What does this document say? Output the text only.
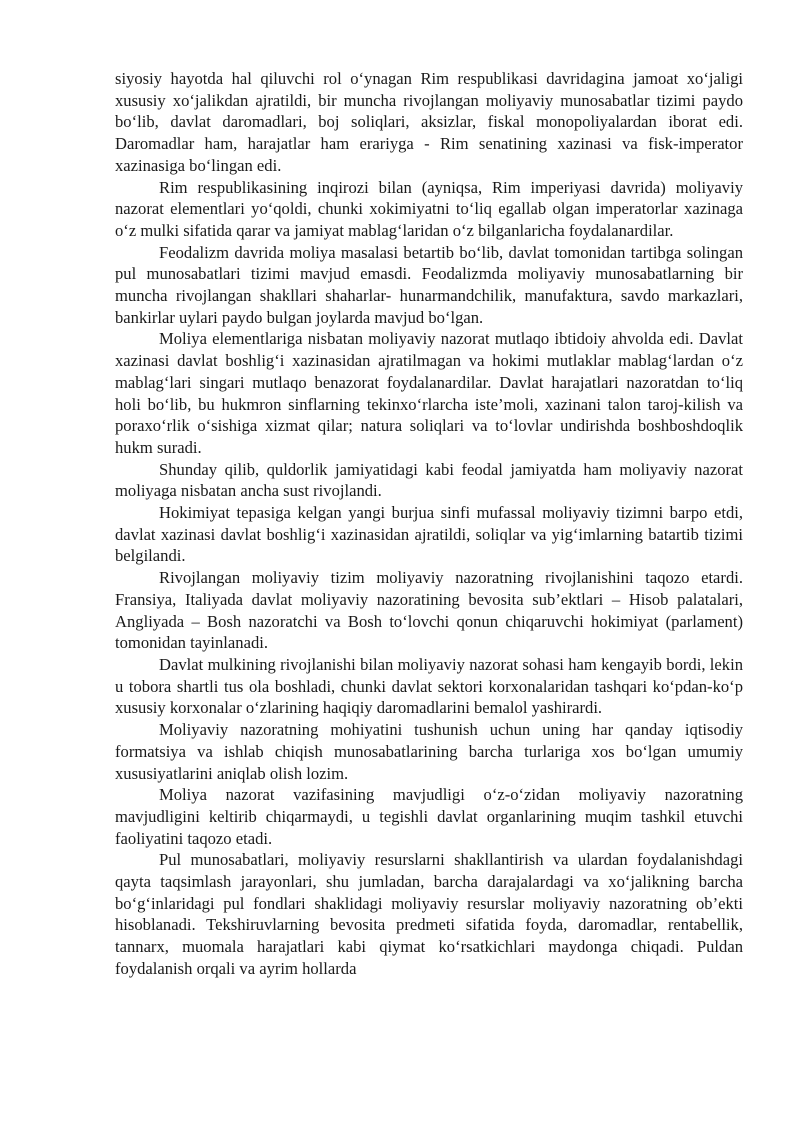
siyosiy hayotda hal qiluvchi rol o‘ynagan Rim respublikasi davridagina jamoat xo‘jaligi xususiy xo‘jalikdan ajratildi, bir muncha rivojlangan moliyaviy munosabatlar tizimi paydo bo‘lib, davlat daromadlari, boj soliqlari, aksizlar, fiskal monopoliyalardan iborat edi. Daromadlar ham, harajatlar ham erariyga - Rim senatining xazinasi va fisk-imperator xazinasiga bo‘lingan edi.

Rim respublikasining inqirozi bilan (ayniqsa, Rim imperiyasi davrida) moliyaviy nazorat elementlari yo‘qoldi, chunki xokimiyatni to‘liq egallab olgan imperatorlar xazinaga o‘z mulki sifatida qarar va jamiyat mablag‘laridan o‘z bilganlaricha foydalanardilar.

Feodalizm davrida moliya masalasi betartib bo‘lib, davlat tomonidan tartibga solingan pul munosabatlari tizimi mavjud emasdi. Feodalizmda moliyaviy munosabatlarning bir muncha rivojlangan shakllari shaharlar- hunarmandchilik, manufaktura, savdo markazlari, bankirlar uylari paydo bulgan joylarda mavjud bo‘lgan.

Moliya elementlariga nisbatan moliyaviy nazorat mutlaqo ibtidoiy ahvolda edi. Davlat xazinasi davlat boshlig‘i xazinasidan ajratilmagan va hokimi mutlaklar mablag‘lardan o‘z mablag‘lari singari mutlaqo benazorat foydalanardilar. Davlat harajatlari nazoratdan to‘liq holi bo‘lib, bu hukmron sinflarning tekinxo‘rlarcha iste’moli, xazinani talon taroj-kilish va poraxo‘rlik o‘sishiga xizmat qilar; natura soliqlari va to‘lovlar undirishda boshboshdoqlik hukm suradi.

Shunday qilib, quldorlik jamiyatidagi kabi feodal jamiyatda ham moliyaviy nazorat moliyaga nisbatan ancha sust rivojlandi.

Hokimiyat tepasiga kelgan yangi burjua sinfi mufassal moliyaviy tizimni barpo etdi, davlat xazinasi davlat boshlig‘i xazinasidan ajratildi, soliqlar va yig‘imlarning batartib tizimi belgilandi.

Rivojlangan moliyaviy tizim moliyaviy nazoratning rivojlanishini taqozo etardi. Fransiya, Italiyada davlat moliyaviy nazoratining bevosita sub’ektlari – Hisob palatalari, Angliyada – Bosh nazoratchi va Bosh to‘lovchi qonun chiqaruvchi hokimiyat (parlament) tomonidan tayinlanadi.

Davlat mulkining rivojlanishi bilan moliyaviy nazorat sohasi ham kengayib bordi, lekin u tobora shartli tus ola boshladi, chunki davlat sektori korxonalaridan tashqari ko‘pdan-ko‘p xususiy korxonalar o‘zlarining haqiqiy daromadlarini bemalol yashirardi.

Moliyaviy nazoratning mohiyatini tushunish uchun uning har qanday iqtisodiy formatsiya va ishlab chiqish munosabatlarining barcha turlariga xos bo‘lgan umumiy xususiyatlarini aniqlab olish lozim.

Moliya nazorat vazifasining mavjudligi o‘z-o‘zidan moliyaviy nazoratning mavjudligini keltirib chiqarmaydi, u tegishli davlat organlarining muqim tashkil etuvchi faoliyatini taqozo etadi.

Pul munosabatlari, moliyaviy resurslarni shakllantirish va ulardan foydalanishdagi qayta taqsimlash jarayonlari, shu jumladan, barcha darajalardagi va xo‘jalikning barcha bo‘g‘inlaridagi pul fondlari shaklidagi moliyaviy resurslar moliyaviy nazoratning ob’ekti hisoblanadi. Tekshiruvlarning bevosita predmeti sifatida foyda, daromadlar, rentabellik, tannarx, muomala harajatlari kabi qiymat ko‘rsatkichlari maydonga chiqadi. Puldan foydalanish orqali va ayrim hollarda
